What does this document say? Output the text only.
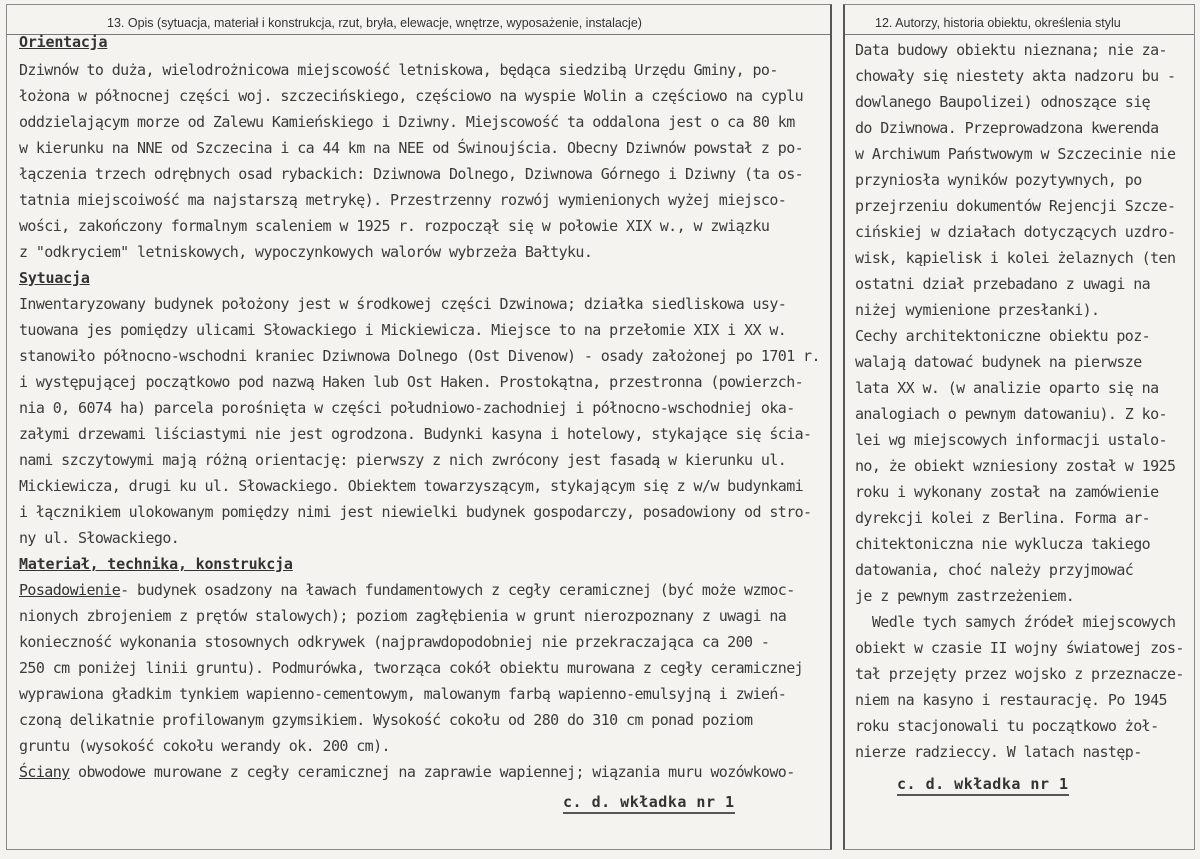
13. Opis (sytuacja, materiał i konstrukcja, rzut, bryła, elewacje, wnętrze, wyposażenie, instalacje)
Orientacja
Dziwnów to duża, wielodrożnicowa miejscowość letniskowa, będąca siedzibą Urzędu Gminy, po-
łożona w północnej części woj. szczecińskiego, częściowo na wyspie Wolin a częściowo na cyplu
oddzielającym morze od Zalewu Kamieńskiego i Dziwny. Miejscowość ta oddalona jest o ca 80 km
w kierunku na NNE od Szczecina i ca 44 km na NEE od Świnoujścia. Obecny Dziwnów powstał z po-
łączenia trzech odrębnych osad rybackich: Dziwnowa Dolnego, Dziwnowa Górnego i Dziwny (ta os-
tatnia miejscoiwość ma najstarszą metrykę). Przestrzenny rozwój wymienionych wyżej miejsco-
wości, zakończony formalnym scaleniem w 1925 r. rozpoczął się w połowie XIX w., w związku
z "odkryciem" letniskowych, wypoczynkowych walorów wybrzeża Bałtyku.
Sytuacja
Inwentaryzowany budynek położony jest w środkowej części Dzwinowa; działka siedliskowa usy-
tuowana jes pomiędzy ulicami Słowackiego i Mickiewicza. Miejsce to na przełomie XIX i XX w.
stanowiło północno-wschodni kraniec Dziwnowa Dolnego (Ost Divenow) - osady założonej po 1701 r.
i występującej początkowo pod nazwą Haken lub Ost Haken. Prostokątna, przestronna (powierzch-
nia 0, 6074 ha) parcela porośnięta w części południowo-zachodniej i północno-wschodniej oka-
załymi drzewami liściastymi nie jest ogrodzona. Budynki kasyna i hotelowy, stykające się ścia-
nami szczytowymi mają różną orientację: pierwszy z nich zwrócony jest fasadą w kierunku ul.
Mickiewicza, drugi ku ul. Słowackiego. Obiektem towarzyszącym, stykającym się z w/w budynkami
i łącznikiem ulokowanym pomiędzy nimi jest niewielki budynek gospodarczy, posadowiony od stro-
ny ul. Słowackiego.
Materiał, technika, konstrukcja
Posadowienie- budynek osadzony na ławach fundamentowych z cegły ceramicznej (być może wzmoc-
nionych zbrojeniem z prętów stalowych); poziom zagłębienia w grunt nierozpoznany z uwagi na
konieczność wykonania stosownych odkrywek (najprawdopodobniej nie przekraczająca ca 200 -
250 cm poniżej linii gruntu). Podmurówka, tworząca cokół obiektu murowana z cegły ceramicznej
wyprawiona gładkim tynkiem wapienno-cementowym, malowanym farbą wapienno-emulsyjną i zwień-
czoną delikatnie profilowanym gzymsikiem. Wysokość cokołu od 280 do 310 cm ponad poziom
gruntu (wysokość cokołu werandy ok. 200 cm).
Ściany obwodowe murowane z cegły ceramicznej na zaprawie wapiennej; wiązania muru wozówkowo-
c. d. wkładka nr 1
12. Autorzy, historia obiektu, określenia stylu
Data budowy obiektu nieznana; nie za-
chowały się niestety akta nadzoru bu -
dowlanego Baupolizei) odnoszące się
do Dziwnowa. Przeprowadzona kwerenda
w Archiwum Państwowym w Szczecinie nie
przyniosła wyników pozytywnych, po
przejrzeniu dokumentów Rejencji Szcze-
cińskiej w działach dotyczących uzdro-
wisk, kąpielisk i kolei żelaznych (ten
ostatni dział przebadano z uwagi na
niżej wymienione przesłanki).
Cechy architektoniczne obiektu poz-
walają datować budynek na pierwsze
lata XX w. (w analizie oparto się na
analogiach o pewnym datowaniu). Z ko-
lei wg miejscowych informacji ustalo-
no, że obiekt wzniesiony został w 1925
roku i wykonany został na zamówienie
dyrekcji kolei z Berlina. Forma ar-
chitektoniczna nie wyklucza takiego
datowania, choć należy przyjmować
je z pewnym zastrzeżeniem.
Wedle tych samych źródeł miejscowych
obiekt w czasie II wojny światowej zos-
tał przejęty przez wojsko z przeznacze-
niem na kasyno i restaurację. Po 1945
roku stacjonowali tu początkowo żoł-
nierze radzieccy. W latach następ-
c. d. wkładka nr 1
